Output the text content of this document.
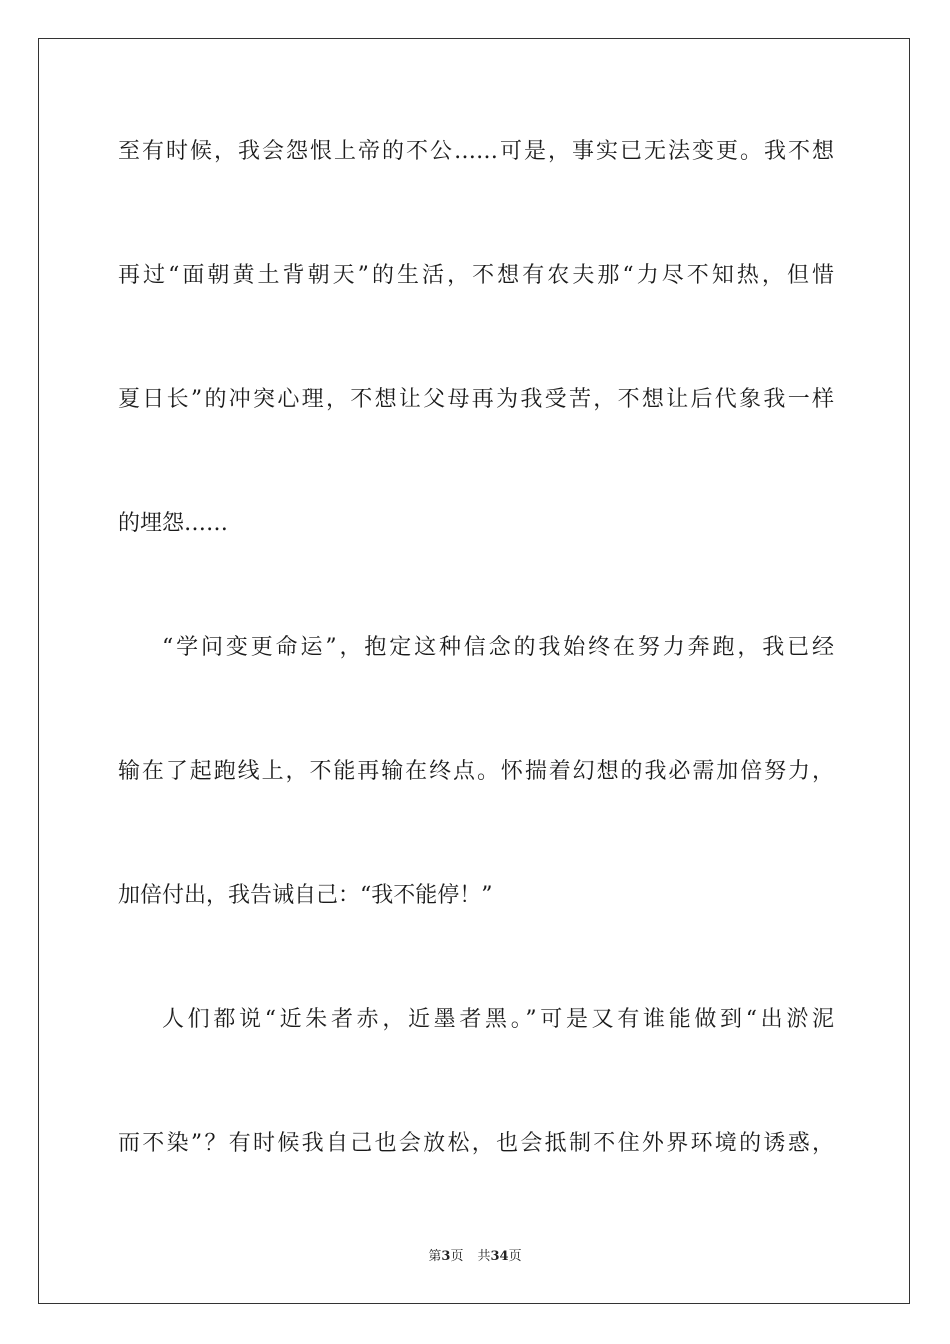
至有时候，我会怨恨上帝的不公……可是，事实已无法变更。我不想
再过“面朝黄土背朝天”的生活，不想有农夫那“力尽不知热，但惜
夏日长”的冲突心理，不想让父母再为我受苦，不想让后代象我一样
的埋怨……
“学问变更命运”，抱定这种信念的我始终在努力奔跑，我已经
输在了起跑线上，不能再输在终点。怀揣着幻想的我必需加倍努力，
加倍付出，我告诫自己：“我不能停！”
人们都说“近朱者赤，近墨者黑。”可是又有谁能做到“出淤泥
而不染”？有时候我自己也会放松，也会抵制不住外界环境的诱惑，
第3页 共34页
